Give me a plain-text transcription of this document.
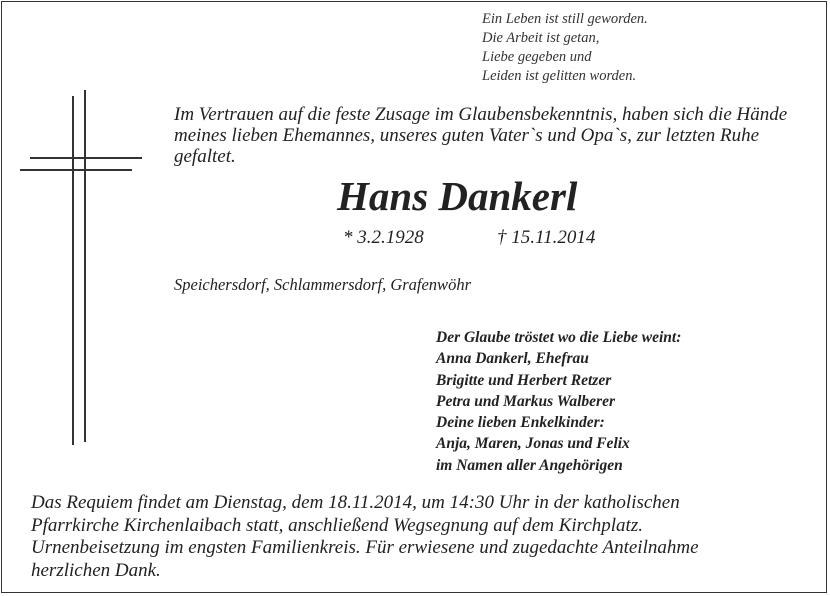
Ein Leben ist still geworden.
Die Arbeit ist getan,
Liebe gegeben und
Leiden ist gelitten worden.
Im Vertrauen auf die feste Zusage im Glaubensbekenntnis, haben sich die Hände meines lieben Ehemannes, unseres guten Vater`s und Opa`s, zur letzten Ruhe gefaltet.
Hans Dankerl
* 3.2.1928	† 15.11.2014
Speichersdorf, Schlammersdorf, Grafenwöhr
Der Glaube tröstet wo die Liebe weint:
Anna Dankerl, Ehefrau
Brigitte und Herbert Retzer
Petra und Markus Walberer
Deine lieben Enkelkinder:
Anja, Maren, Jonas und Felix
im Namen aller Angehörigen
Das Requiem findet am Dienstag, dem 18.11.2014, um 14:30 Uhr in der katholischen
Pfarrkirche Kirchenlaibach statt, anschließend Wegsegnung auf dem Kirchplatz.
Urnenbeisetzung im engsten Familienkreis. Für erwiesene und zugedachte Anteilnahme
herzlichen Dank.
